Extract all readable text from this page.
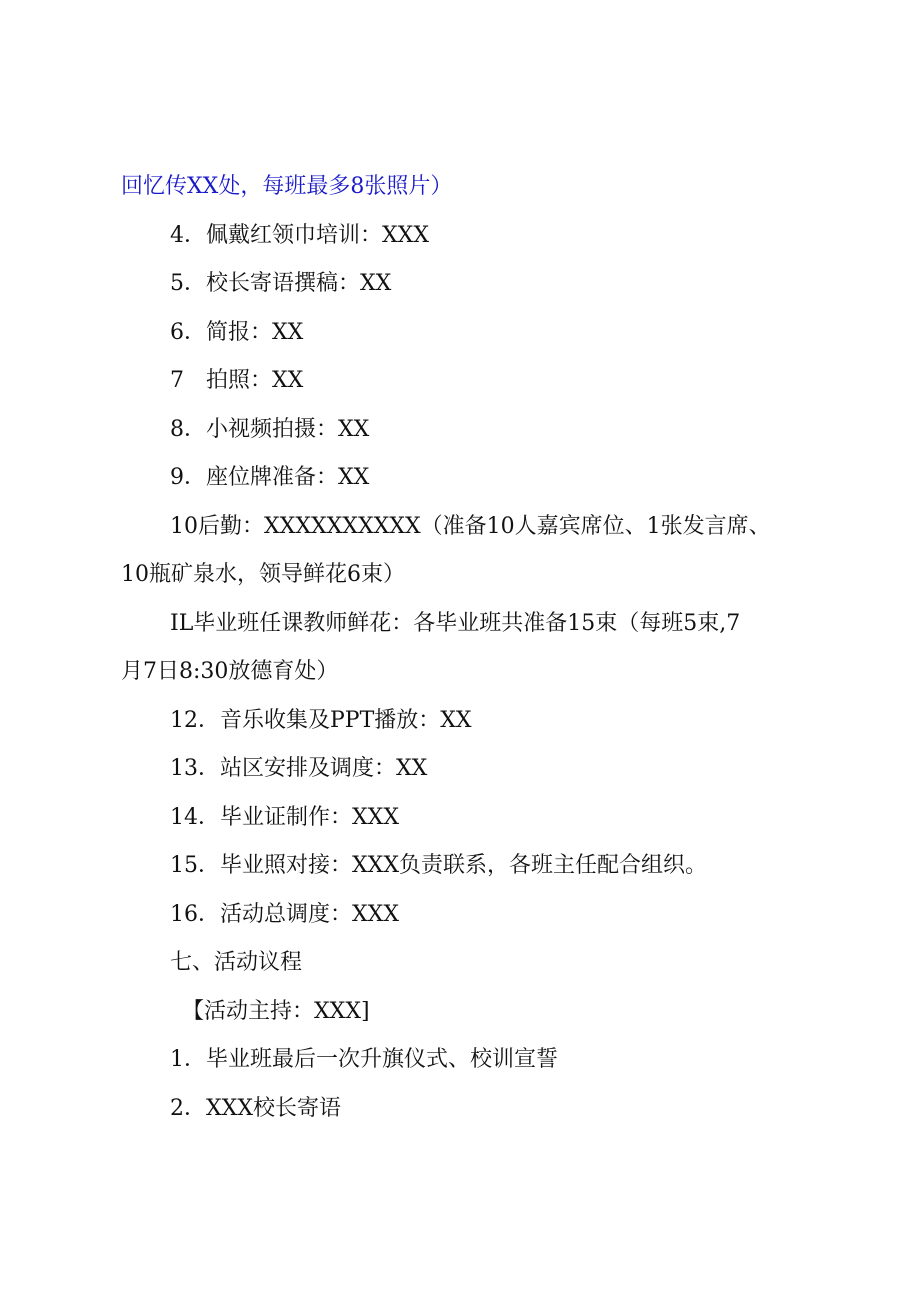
回忆传XX处，每班最多8张照片）
4．佩戴红领巾培训：XXX
5．校长寄语撰稿：XX
6．简报：XX
7　拍照：XX
8．小视频拍摄：XX
9．座位牌准备：XX
10后勤：XXXXXXXXXX（准备10人嘉宾席位、1张发言席、
10瓶矿泉水，领导鲜花6束）
IL毕业班任课教师鲜花：各毕业班共准备15束（每班5束,7
月7日8:30放德育处）
12．音乐收集及PPT播放：XX
13．站区安排及调度：XX
14．毕业证制作：XXX
15．毕业照对接：XXX负责联系，各班主任配合组织。
16．活动总调度：XXX
七、活动议程
【活动主持：XXX]
1．毕业班最后一次升旗仪式、校训宣誓
2．XXX校长寄语
